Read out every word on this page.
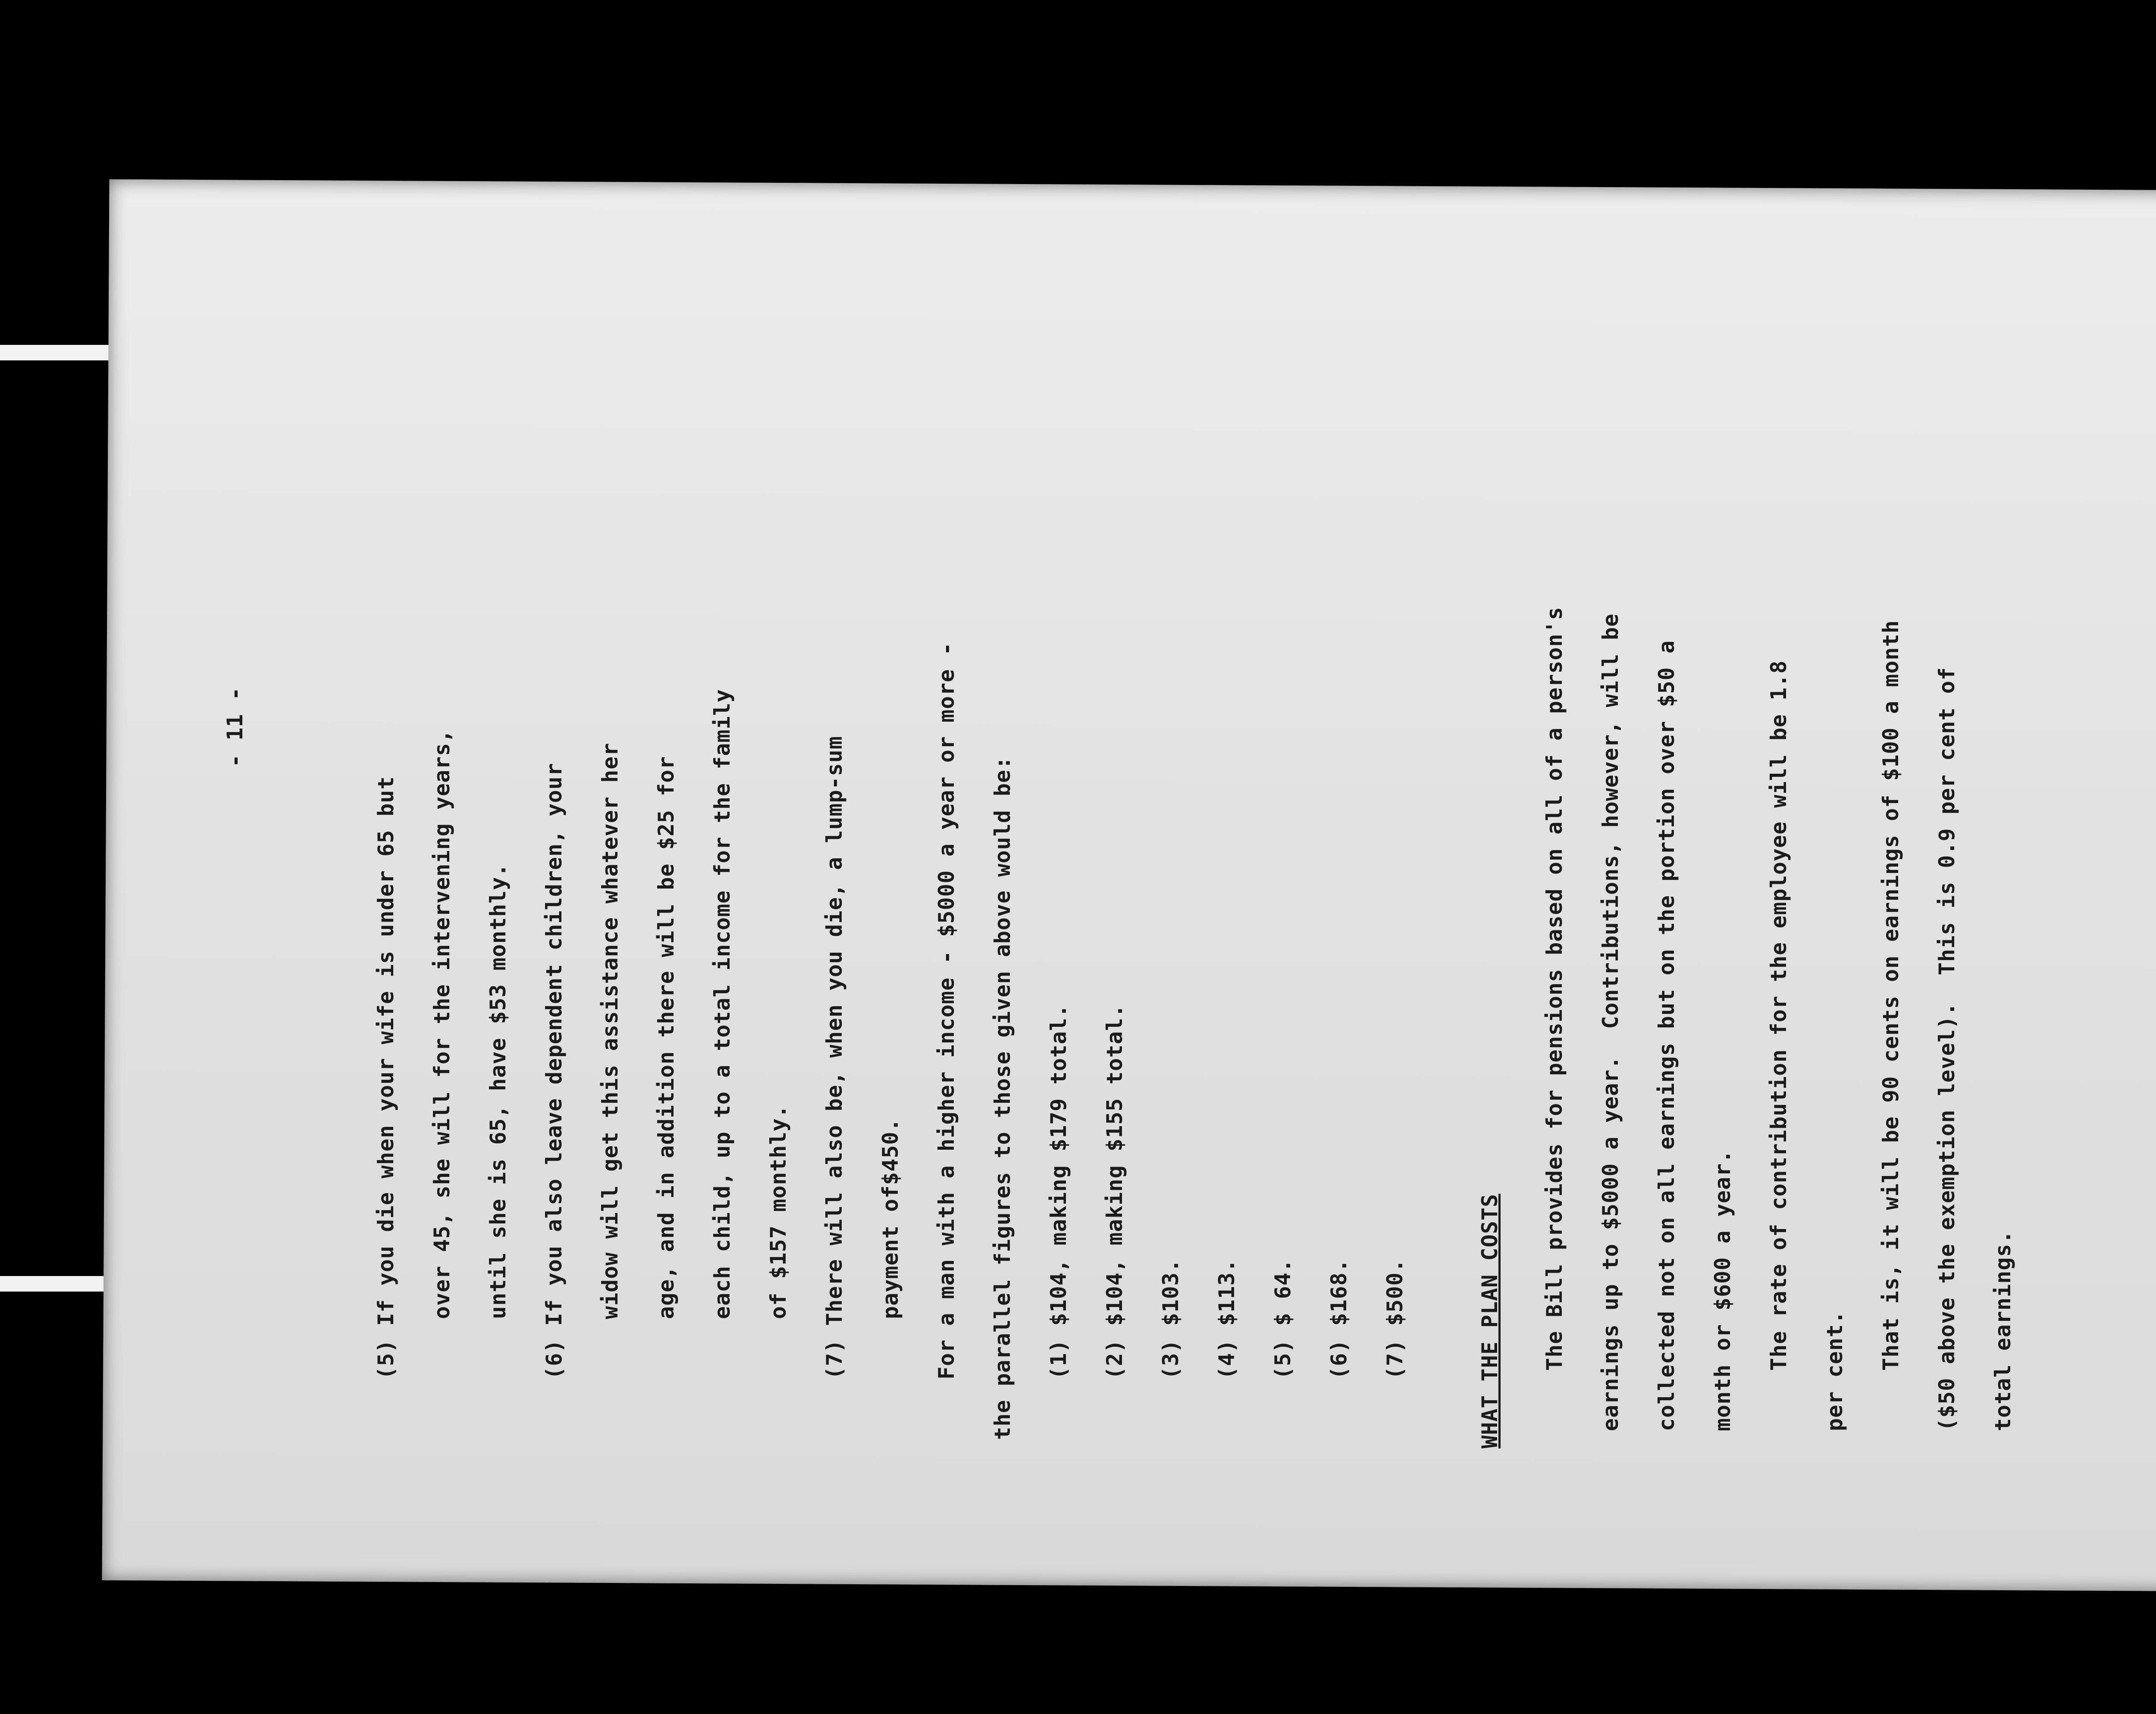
- 11 -
(5) If you die when your wife is under 65 but over 45, she will for the intervening years, until she is 65, have $53 monthly. (6) If you also leave dependent children, your widow will get this assistance whatever her age, and in addition there will be $25 for each child, up to a total income for the family of $157 monthly. (7) There will also be, when you die, a lump-sum payment of$450. For a man with a higher income - $5000 a year or more - the parallel figures to those given above would be: (1) $104, making $179 total. (2) $104, making $155 total. (3) $103. (4) $113. (5) $ 64. (6) $168. (7) $500.	WHAT THE PLAN COSTS The Bill provides for pensions based on all of a person's earnings up to $5000 a year.  Contributions, however, will be collected not on all earnings but on the portion over $50 a month or $600 a year. The rate of contribution for the employee will be 1.8
per cent.
That is, it will be 90 cents on earnings of $100 a month ($50 above the exemption level).  This is 0.9 per cent of total earnings.
